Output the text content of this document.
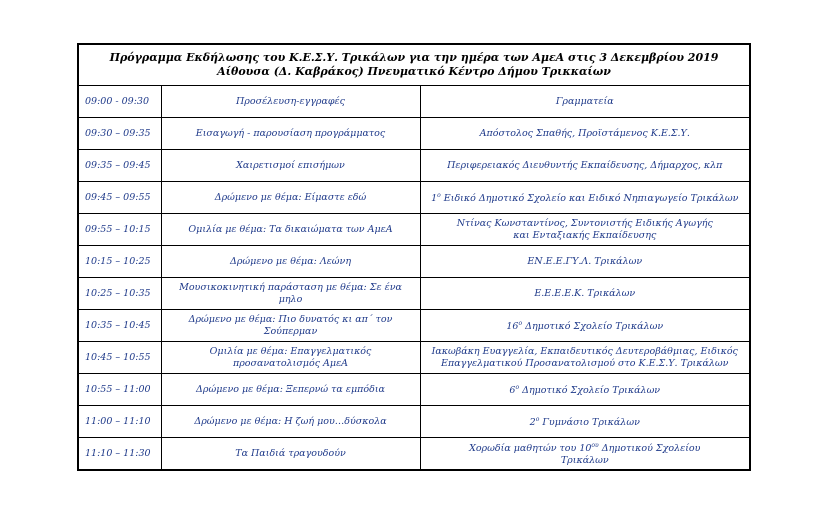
Πρόγραμμα Εκδήλωσης του Κ.Ε.Σ.Υ. Τρικάλων για την ημέρα των ΑμεΑ στις 3 Δεκεμβρίου 2019
Αίθουσα (Δ. Καβράκος) Πνευματικό Κέντρο Δήμου Τρικκαίων		

09:00 - 09:30	Προσέλευση-εγγραφές	Γραμματεία

09:30 – 09:35	Εισαγωγή - παρουσίαση προγράμματος	Απόστολος Σπαθής, Προϊστάμενος Κ.Ε.Σ.Υ.

09:35 – 09:45	Χαιρετισμοί επισήμων	Περιφερειακός Διευθυντής Εκπαίδευσης, Δήμαρχος, κλπ

09:45 – 09:55	Δρώμενο με θέμα: Είμαστε εδώ	$1^o$ Ειδικό Δημοτικό Σχολείο και Ειδικό Νηπιαγωγείο Τρικάλων

09:55 – 10:15	Ομιλία με θέμα: Τα δικαιώματα των ΑμεΑ	Ντίνας Κωνσταντίνος, Συντονιστής Ειδικής Αγωγής
και Ενταξιακής Εκπαίδευσης

10:15 – 10:25	Δρώμενο με θέμα: Λεώνη	ΕΝ.Ε.Ε.ΓΥ.Λ. Τρικάλων

10:25 – 10:35	Μουσικοκινητική παράσταση με θέμα: Σε ένα
μηλο	Ε.Ε.Ε.Ε.Κ. Τρικάλων

10:35 – 10:45	Δρώμενο με θέμα: Πιο δυνατός κι απ΄ τον
Σούπερμαν	$16^o$ Δημοτικό Σχολείο Τρικάλων

10:45 – 10:55	Ομιλία με θέμα: Επαγγελματικός
προσανατολισμός ΑμεΑ	Ιακωβάκη Ευαγγελία, Εκπαιδευτικός Δευτεροβάθμιας, Ειδικός
Επαγγελματικού Προσανατολισμού στο Κ.Ε.Σ.Υ. Τρικάλων

10:55 – 11:00	Δρώμενο με θέμα: Ξεπερνώ τα εμπόδια	$6^o$ Δημοτικό Σχολείο Τρικάλων

11:00 – 11:10	Δρώμενο με θέμα: Η ζωή μου…δύσκολα	$2^o$ Γυμνάσιο Τρικάλων

11:10 – 11:30	Τα Παιδιά τραγουδούν	Χορωδία μαθητών του $10^{o\upsilon}$ Δημοτικού Σχολείου
Τρικάλων
